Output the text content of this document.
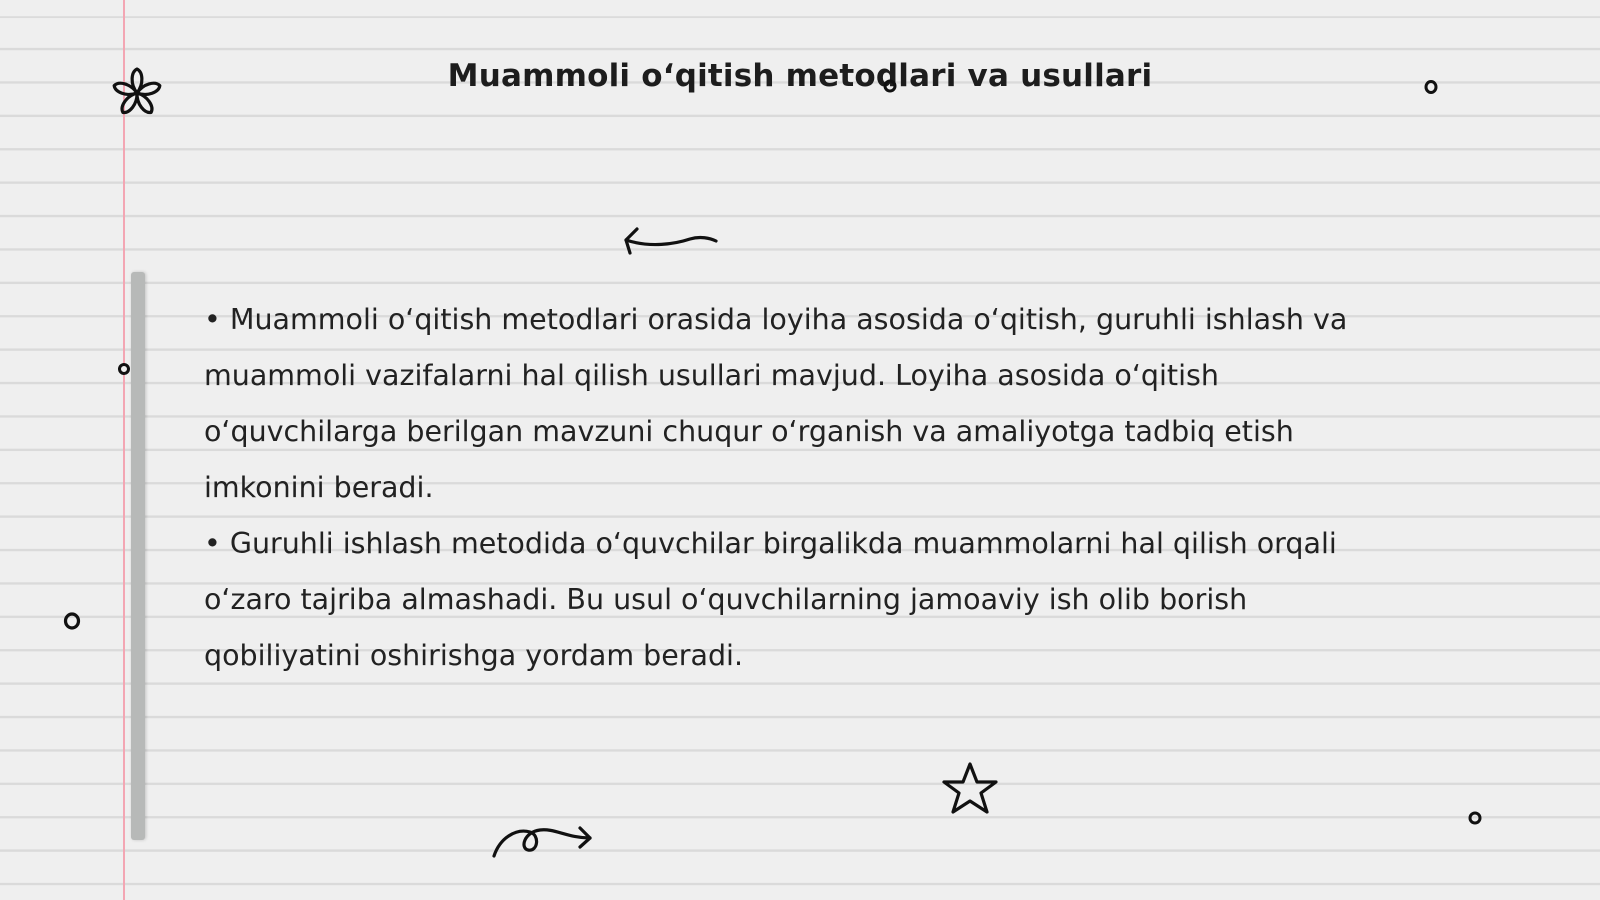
Muammoli o‘qitish metodlari va usullari

• Muammoli o‘qitish metodlari orasida loyiha asosida o‘qitish, guruhli ishlash va muammoli vazifalarni hal qilish usullari mavjud. Loyiha asosida o‘qitish o‘quvchilarga berilgan mavzuni chuqur o‘rganish va amaliyotga tadbiq etish imkonini beradi.

• Guruhli ishlash metodida o‘quvchilar birgalikda muammolarni hal qilish orqali o‘zaro tajriba almashadi. Bu usul o‘quvchilarning jamoaviy ish olib borish qobiliyatini oshirishga yordam beradi.
